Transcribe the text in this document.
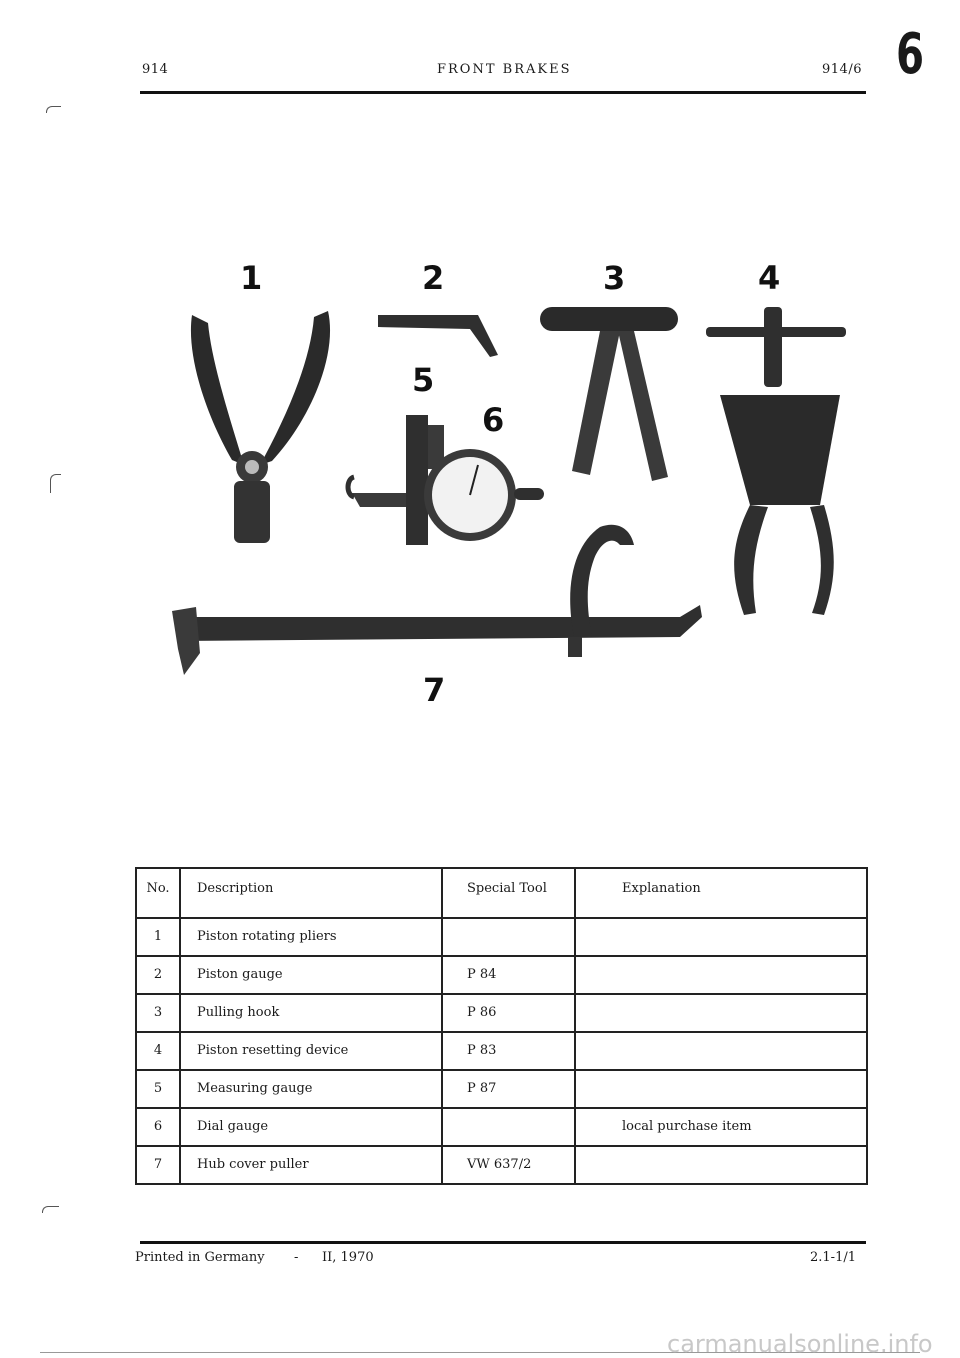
914	FRONT BRAKES	914/6 6
1	2	3	4
5
6
7
No.	Description	Special Tool	Explanation
1	Piston rotating pliers		
2	Piston gauge	P 84	
3	Pulling hook	P 86	
4	Piston resetting device	P 83	
5	Measuring gauge	P 87	
6	Dial gauge		local purchase item
7	Hub cover puller	VW 637/2	
Printed in Germany - II, 1970	2.1-1/1
carmanualsonline.info
